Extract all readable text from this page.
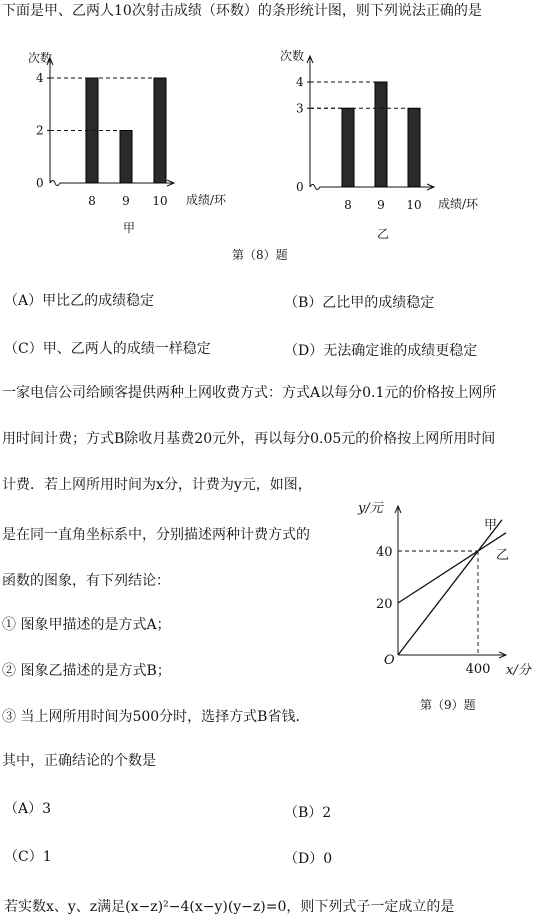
下面是甲、乙两人10次射击成绩（环数）的条形统计图，则下列说法正确的是
0
2
4
8 9 10
次数
成绩/环
甲
0
3
4
8 9 10
次数
成绩/环
乙
第（8）题
（A）甲比乙的成绩稳定	（B）乙比甲的成绩稳定
（C）甲、乙两人的成绩一样稳定	（D）无法确定谁的成绩更稳定
一家电信公司给顾客提供两种上网收费方式：方式A以每分0.1元的价格按上网所
用时间计费；方式B除收月基费20元外，再以每分0.05元的价格按上网所用时间
计费．若上网所用时间为x分，计费为y元，如图，
是在同一直角坐标系中，分别描述两种计费方式的
函数的图象，有下列结论：
① 图象甲描述的是方式A；
② 图象乙描述的是方式B；
③ 当上网所用时间为500分时，选择方式B省钱．
其中，正确结论的个数是
20
40
400
甲
乙
y/元
x/分
O
第（9）题
（A）3	（B）2
（C）1	（D）0
若实数x、y、z满足(x−z)²−4(x−y)(y−z)=0，则下列式子一定成立的是
